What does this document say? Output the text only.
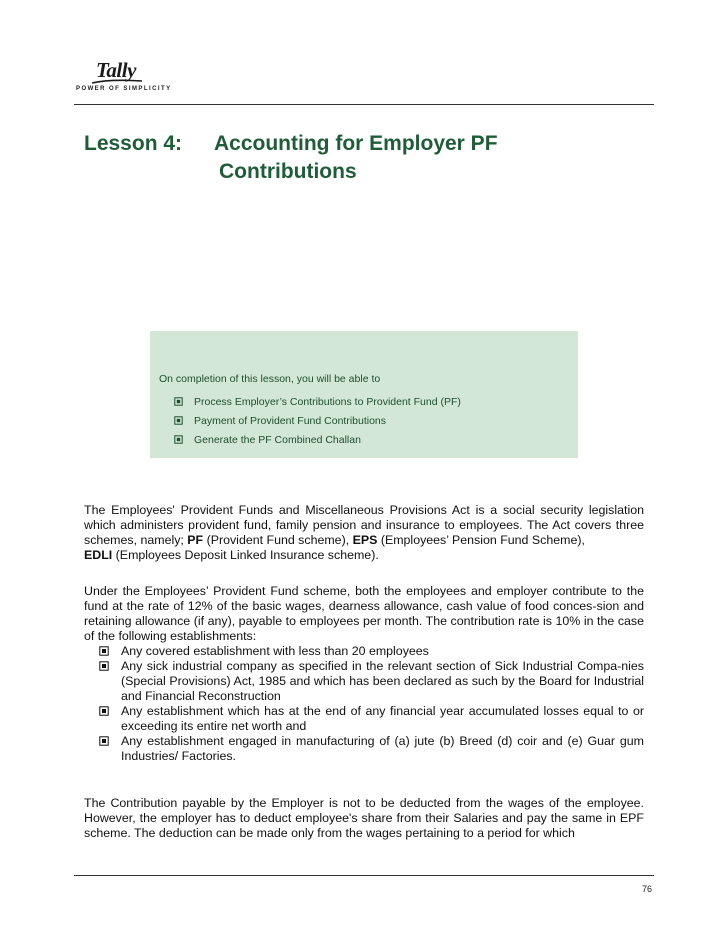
Tally
POWER OF SIMPLICITY
Lesson 4: Accounting for Employer PF
Contributions
On completion of this lesson, you will be able to
Process Employer’s Contributions to Provident Fund (PF)
Payment of Provident Fund Contributions
Generate the PF Combined Challan

The Employees' Provident Funds and Miscellaneous Provisions Act is a social security legislation which administers provident fund, family pension and insurance to employees. The Act covers three schemes, namely; PF (Provident Fund scheme), EPS (Employees’ Pension Fund Scheme),
EDLI (Employees Deposit Linked Insurance scheme).

Under the Employees’ Provident Fund scheme, both the employees and employer contribute to the fund at the rate of 12% of the basic wages, dearness allowance, cash value of food conces-sion and retaining allowance (if any), payable to employees per month. The contribution rate is 10% in the case of the following establishments:

Any covered establishment with less than 20 employees
Any sick industrial company as specified in the relevant section of Sick Industrial Compa-nies (Special Provisions) Act, 1985 and which has been declared as such by the Board for Industrial and Financial Reconstruction
Any establishment which has at the end of any financial year accumulated losses equal to or exceeding its entire net worth and
Any establishment engaged in manufacturing of (a) jute (b) Breed (d) coir and (e) Guar gum Industries/ Factories.

The Contribution payable by the Employer is not to be deducted from the wages of the employee. However, the employer has to deduct employee's share from their Salaries and pay the same in EPF scheme. The deduction can be made only from the wages pertaining to a period for which

76
